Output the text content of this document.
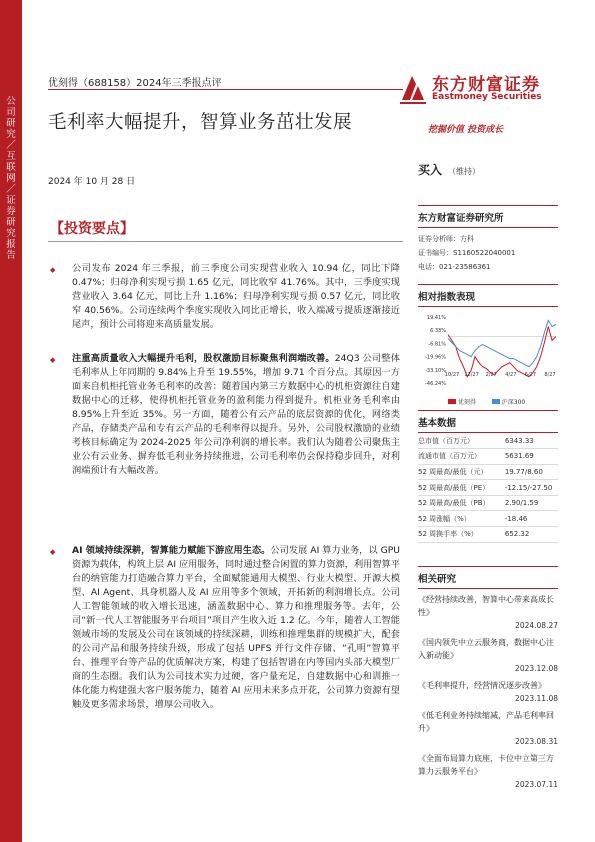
公司研究／互联网／证券研究报告
优刻得（688158）2024年三季报点评
毛利率大幅提升，智算业务茁壮发展
东方财富证券
Eastmoney Securities
挖掘价值 投资成长
2024 年 10 月 28 日
买入 （维持）
【投资要点】
◆ 公司发布 2024 年三季报，前三季度公司实现营业收入 10.94 亿，同比下降 0.47%；归母净利实现亏损 1.65 亿元，同比收窄 41.76%。其中，三季度实现营业收入 3.64 亿元，同比上升 1.16%；归母净利实现亏损 0.57 亿元，同比收窄 40.56%。公司连续两个季度实现收入同比正增长，收入端减亏提质逐渐接近尾声，预计公司将迎来高质量发展。

◆ 注重高质量收入大幅提升毛利，股权激励目标聚焦利润端改善。24Q3 公司整体毛利率从上年同期的 9.84%上升至 19.55%，增加 9.71 个百分点。其原因一方面来自机柜托管业务毛利率的改善：随着国内第三方数据中心的机柜资源往自建数据中心的迁移，使得机柜托管业务的盈利能力得到提升。机柜业务毛利率由 8.95%上升至近 35%。另一方面，随着公有云产品的底层资源的优化，网络类产品，存储类产品和专有云产品的毛利率得以提升。另外，公司股权激励的业绩考核目标确定为 2024-2025 年公司净利润的增长率。我们认为随着公司聚焦主业公有云业务、摒弃低毛利业务持续推进，公司毛利率仍会保持稳步回升，对利润端预计有大幅改善。

◆ AI 领域持续深耕，智算能力赋能下游应用生态。公司发展 AI 算力业务，以 GPU 资源为载体，构筑上层 AI 应用服务，同时通过整合闲置的算力资源，利用智算平台的纳管能力打造融合算力平台，全面赋能通用大模型、行业大模型、开源大模型、AI Agent、具身机器人及 AI 应用等多个领域，开拓新的利润增长点。公司人工智能领域的收入增长迅速，涵盖数据中心、算力和推理服务等。去年，公司“新一代人工智能服务平台项目”项目产生收入近 1.2 亿。今年，随着人工智能领域市场的发展及公司在该领域的持续深耕，训练和推理集群的规模扩大，配套的公司产品和服务持续升级，形成了包括 UPFS 并行文件存储、“孔明”智算平台、推理平台等产品的优质解决方案，构建了包括智谱在内等国内头部大模型厂商的生态圈。我们认为公司技术实力过硬，客户量充足，自建数据中心和训推一体化能力构建强大客户服务能力，随着 AI 应用未来多点开花，公司算力资源有望触及更多需求场景，增厚公司收入。

东方财富证券研究所
证券分析师：方科
证书编号：S1160522040001
电话：021-23586361
相对指数表现
19.41%
6.33%
-6.81%
-19.96%
-33.10%
-46.24%
10/27 12/27 2/27 4/27 6/27 8/27
优刻得	沪深300
基本数据
总市值（百万元）	6343.33
流通市值（百万元）	5631.69
52 周最高/最低（元）	19.77/8.60
52 周最高/最低（PE）	-12.15/-27.50
52 周最高/最低（PB）	2.90/1.59
52 周涨幅（%）	-18.46
52 周换手率（%）	652.32
相关研究
《经营持续改善，智算中心带来高成长性》
2024.08.27
《国内领先中立云服务商，数据中心注入新动能》
2023.12.08
《毛利率提升，经营情况逐步改善》
2023.11.08
《低毛利业务持续缩减，产品毛利率回升》
2023.08.31
《全面布局算力底座，卡位中立第三方算力云服务平台》
2023.07.11
